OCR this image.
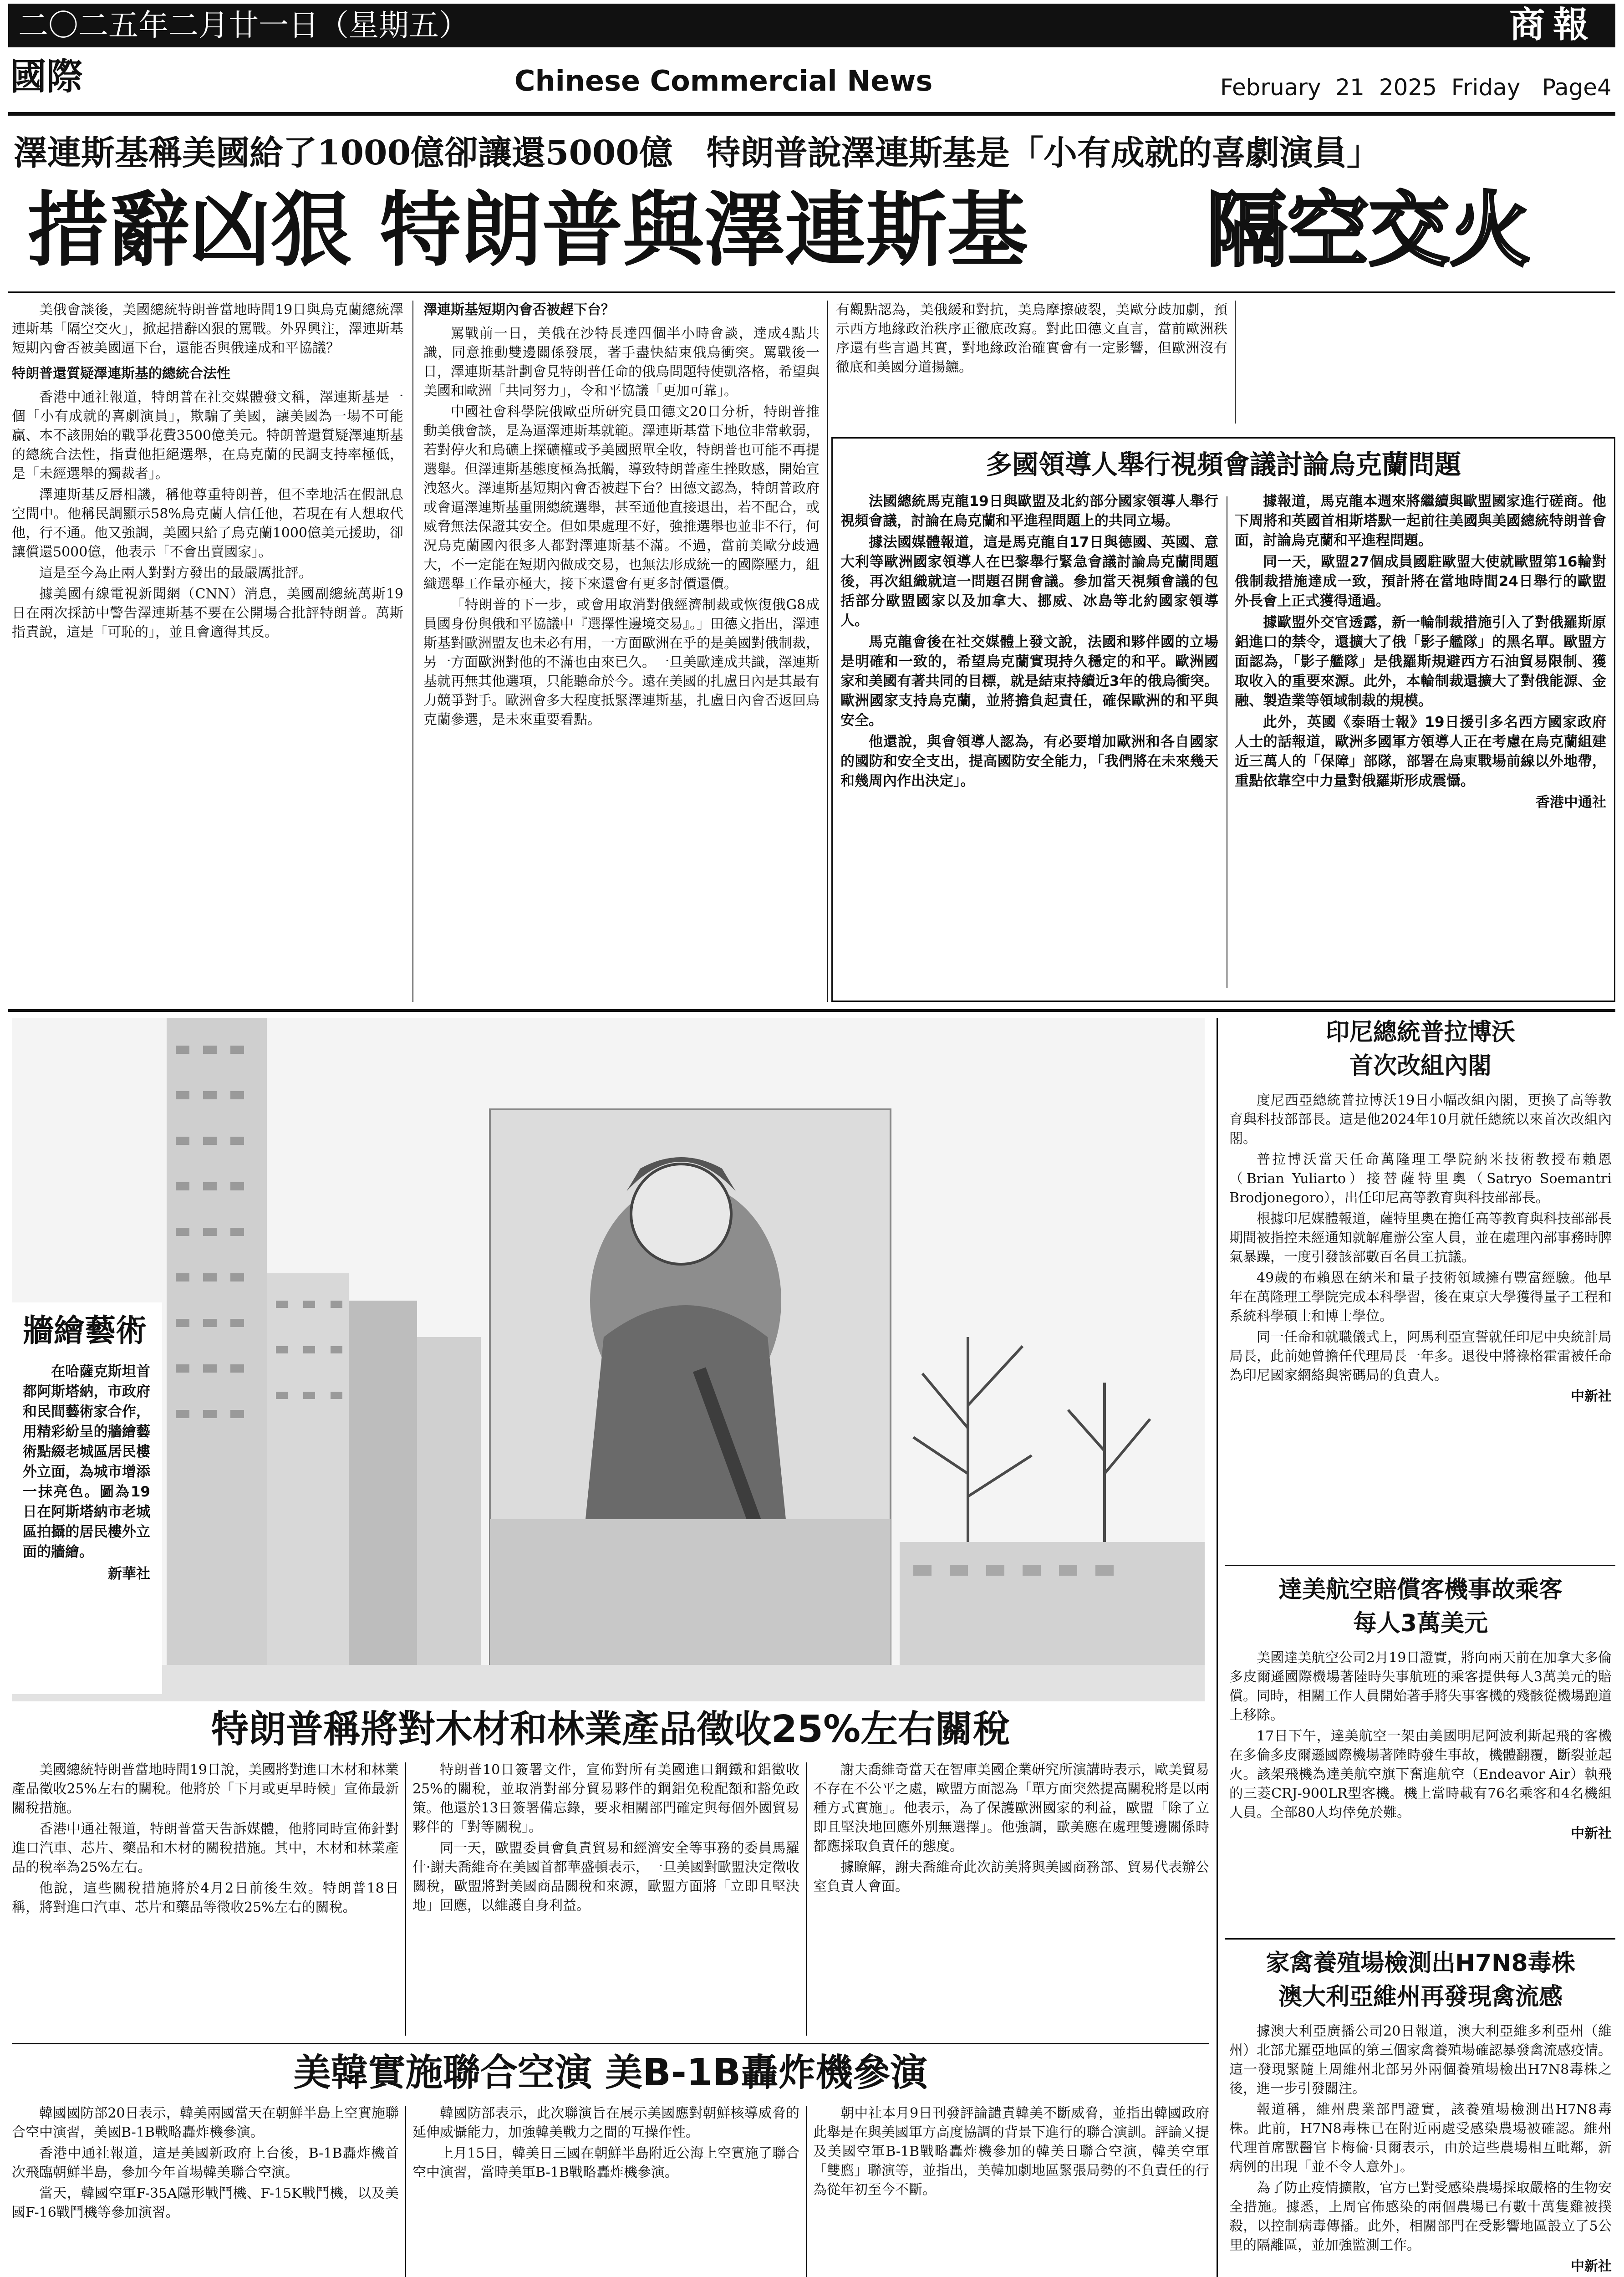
二〇二五年二月廿一日（星期五）	商報
國際	Chinese Commercial News	February  21  2025  Friday   Page4
澤連斯基稱美國給了1000億卻讓還5000億　特朗普說澤連斯基是「小有成就的喜劇演員」
措辭凶狠 特朗普與澤連斯基 隔空交火

美俄會談後，美國總統特朗普當地時間19日與烏克蘭總統澤連斯基「隔空交火」，掀起措辭凶狠的罵戰。外界興注，澤連斯基短期內會否被美國逼下台，還能否與俄達成和平協議？

特朗普還質疑澤連斯基的總統合法性

香港中通社報道，特朗普在社交媒體發文稱，澤連斯基是一個「小有成就的喜劇演員」，欺騙了美國，讓美國為一場不可能贏、本不該開始的戰爭花費3500億美元。特朗普還質疑澤連斯基的總統合法性，指責他拒絕選舉，在烏克蘭的民調支持率極低，是「未經選舉的獨裁者」。

澤連斯基反唇相譏，稱他尊重特朗普，但不幸地活在假訊息空間中。他稱民調顯示58%烏克蘭人信任他，若現在有人想取代他，行不通。他又強調，美國只給了烏克蘭1000億美元援助，卻讓償還5000億，他表示「不會出賣國家」。

這是至今為止兩人對對方發出的最嚴厲批評。

據美國有線電視新聞網（CNN）消息，美國副總統萬斯19日在兩次採訪中警告澤連斯基不要在公開場合批評特朗普。萬斯指責說，這是「可恥的」，並且會適得其反。

澤連斯基短期內會否被趕下台？

罵戰前一日，美俄在沙特長達四個半小時會談，達成4點共識，同意推動雙邊關係發展，著手盡快結束俄烏衝突。罵戰後一日，澤連斯基計劃會見特朗普任命的俄烏問題特使凱洛格，希望與美國和歐洲「共同努力」，令和平協議「更加可靠」。

中國社會科學院俄歐亞所研究員田德文20日分析，特朗普推動美俄會談，是為逼澤連斯基就範。澤連斯基當下地位非常軟弱，若對停火和烏礦上探礦權或予美國照單全收，特朗普也可能不再提選舉。但澤連斯基態度極為抵觸，導致特朗普產生挫敗感，開始宣洩怒火。澤連斯基短期內會否被趕下台？田德文認為，特朗普政府或會逼澤連斯基重開總統選舉，甚至通他直接退出，若不配合，或威脅無法保證其安全。但如果處理不好，強推選舉也並非不行，何況烏克蘭國內很多人都對澤連斯基不滿。不過，當前美歐分歧過大，不一定能在短期內做成交易，也無法形成統一的國際壓力，組織選舉工作量亦極大，接下來還會有更多討價還價。

「特朗普的下一步，或會用取消對俄經濟制裁或恢復俄G8成員國身份與俄和平協議中『選擇性邊境交易』。」田德文指出，澤連斯基對歐洲盟友也未必有用，一方面歐洲在乎的是美國對俄制裁，另一方面歐洲對他的不滿也由來已久。一旦美歐達成共識，澤連斯基就再無其他選項，只能聽命於今。遠在美國的扎盧日內是其最有力競爭對手。歐洲會多大程度抵緊澤連斯基，扎盧日內會否返回烏克蘭參選，是未來重要看點。

有觀點認為，美俄緩和對抗，美烏摩擦破裂，美歐分歧加劇，預示西方地緣政治秩序正徹底改寫。對此田德文直言，當前歐洲秩序還有些言過其實，對地緣政治確實會有一定影響，但歐洲沒有徹底和美國分道揚鑣。

多國領導人舉行視頻會議討論烏克蘭問題

法國總統馬克龍19日與歐盟及北約部分國家領導人舉行視頻會議，討論在烏克蘭和平進程問題上的共同立場。

據法國媒體報道，這是馬克龍自17日與德國、英國、意大利等歐洲國家領導人在巴黎舉行緊急會議討論烏克蘭問題後，再次組織就這一問題召開會議。參加當天視頻會議的包括部分歐盟國家以及加拿大、挪威、冰島等北約國家領導人。

馬克龍會後在社交媒體上發文說，法國和夥伴國的立場是明確和一致的，希望烏克蘭實現持久穩定的和平。歐洲國家和美國有著共同的目標，就是結束持續近3年的俄烏衝突。歐洲國家支持烏克蘭，並將擔負起責任，確保歐洲的和平與安全。

他還說，與會領導人認為，有必要增加歐洲和各自國家的國防和安全支出，提高國防安全能力，「我們將在未來幾天和幾周內作出決定」。

據報道，馬克龍本週來將繼續與歐盟國家進行磋商。他下周將和英國首相斯塔默一起前往美國與美國總統特朗普會面，討論烏克蘭和平進程問題。

同一天，歐盟27個成員國駐歐盟大使就歐盟第16輪對俄制裁措施達成一致，預計將在當地時間24日舉行的歐盟外長會上正式獲得通過。

據歐盟外交官透露，新一輪制裁措施引入了對俄羅斯原鋁進口的禁令，還擴大了俄「影子艦隊」的黑名單。歐盟方面認為，「影子艦隊」是俄羅斯規避西方石油貿易限制、獲取收入的重要來源。此外，本輪制裁還擴大了對俄能源、金融、製造業等領域制裁的規模。

此外，英國《泰晤士報》19日援引多名西方國家政府人士的話報道，歐洲多國軍方領導人正在考慮在烏克蘭組建近三萬人的「保障」部隊，部署在烏東戰場前線以外地帶，重點依靠空中力量對俄羅斯形成震懾。

香港中通社

牆繪藝術

在哈薩克斯坦首都阿斯塔納，市政府和民間藝術家合作，用精彩紛呈的牆繪藝術點綴老城區居民樓外立面，為城市增添一抹亮色。圖為19日在阿斯塔納市老城區拍攝的居民樓外立面的牆繪。

新華社

印尼總統普拉博沃
首次改組內閣

度尼西亞總統普拉博沃19日小幅改組內閣，更換了高等教育與科技部部長。這是他2024年10月就任總統以來首次改組內閣。

普拉博沃當天任命萬隆理工學院納米技術教授布賴恩（Brian Yuliarto）接替薩特里奧（Satryo Soemantri Brodjonegoro），出任印尼高等教育與科技部部長。

根據印尼媒體報道，薩特里奧在擔任高等教育與科技部部長期間被指控未經通知就解雇辦公室人員，並在處理內部事務時脾氣暴躁，一度引發該部數百名員工抗議。

49歲的布賴恩在納米和量子技術領域擁有豐富經驗。他早年在萬隆理工學院完成本科學習，後在東京大學獲得量子工程和系統科學碩士和博士學位。

同一任命和就職儀式上，阿馬利亞宣誓就任印尼中央統計局局長，此前她曾擔任代理局長一年多。退役中將祿格霍雷被任命為印尼國家網絡與密碼局的負責人。

中新社

達美航空賠償客機事故乘客
每人3萬美元

美國達美航空公司2月19日證實，將向兩天前在加拿大多倫多皮爾遜國際機場著陸時失事航班的乘客提供每人3萬美元的賠償。同時，相關工作人員開始著手將失事客機的殘骸從機場跑道上移除。

17日下午，達美航空一架由美國明尼阿波利斯起飛的客機在多倫多皮爾遜國際機場著陸時發生事故，機體翻覆，斷裂並起火。該架飛機為達美航空旗下奮進航空（Endeavor Air）執飛的三菱CRJ-900LR型客機。機上當時載有76名乘客和4名機組人員。全部80人均倖免於難。

中新社

家禽養殖場檢測出H7N8毒株
澳大利亞維州再發現禽流感

據澳大利亞廣播公司20日報道，澳大利亞維多利亞州（維州）北部尤羅亞地區的第三個家禽養殖場確認暴發禽流感疫情。這一發現緊隨上周維州北部另外兩個養殖場檢出H7N8毒株之後，進一步引發關注。

報道稱，維州農業部門證實，該養殖場檢測出H7N8毒株。此前，H7N8毒株已在附近兩處受感染農場被確認。維州代理首席獸醫官卡梅倫·貝爾表示，由於這些農場相互毗鄰，新病例的出現「並不令人意外」。

為了防止疫情擴散，官方已對受感染農場採取嚴格的生物安全措施。據悉，上周官佈感染的兩個農場已有數十萬隻雞被撲殺，以控制病毒傳播。此外，相關部門在受影響地區設立了5公里的隔離區，並加強監測工作。

中新社

特朗普稱將對木材和林業產品徵收25%左右關稅

美國總統特朗普當地時間19日說，美國將對進口木材和林業產品徵收25%左右的關稅。他將於「下月或更早時候」宣佈最新關稅措施。

香港中通社報道，特朗普當天告訴媒體，他將同時宣佈針對進口汽車、芯片、藥品和木材的關稅措施。其中，木材和林業產品的稅率為25%左右。

他說，這些關稅措施將於4月2日前後生效。特朗普18日稱，將對進口汽車、芯片和藥品等徵收25%左右的關稅。

特朗普10日簽署文件，宣佈對所有美國進口鋼鐵和鋁徵收25%的關稅，並取消對部分貿易夥伴的鋼鋁免稅配額和豁免政策。他還於13日簽署備忘錄，要求相關部門確定與每個外國貿易夥伴的「對等關稅」。

同一天，歐盟委員會負責貿易和經濟安全等事務的委員馬羅什·謝夫喬維奇在美國首都華盛頓表示，一旦美國對歐盟決定徵收關稅，歐盟將對美國商品關稅和來源，歐盟方面將「立即且堅決地」回應，以維護自身利益。

謝夫喬維奇當天在智庫美國企業研究所演講時表示，歐美貿易不存在不公平之處，歐盟方面認為「單方面突然提高關稅將是以兩種方式實施」。他表示，為了保護歐洲國家的利益，歐盟「除了立即且堅決地回應外別無選擇」。他強調，歐美應在處理雙邊關係時都應採取負責任的態度。

據瞭解，謝夫喬維奇此次訪美將與美國商務部、貿易代表辦公室負責人會面。

美韓實施聯合空演 美B-1B轟炸機參演

韓國國防部20日表示，韓美兩國當天在朝鮮半島上空實施聯合空中演習，美國B-1B戰略轟炸機參演。

香港中通社報道，這是美國新政府上台後，B-1B轟炸機首次飛臨朝鮮半島，參加今年首場韓美聯合空演。

當天，韓國空軍F-35A隱形戰鬥機、F-15K戰鬥機，以及美國F-16戰鬥機等參加演習。

韓國防部表示，此次聯演旨在展示美國應對朝鮮核導威脅的延伸威懾能力，加強韓美戰力之間的互操作性。

上月15日，韓美日三國在朝鮮半島附近公海上空實施了聯合空中演習，當時美軍B-1B戰略轟炸機參演。

朝中社本月9日刊發評論譴責韓美不斷威脅，並指出韓國政府此舉是在與美國軍方高度協調的背景下進行的聯合演訓。評論又提及美國空軍B-1B戰略轟炸機參加的韓美日聯合空演，韓美空軍「雙鷹」聯演等，並指出，美韓加劇地區緊張局勢的不負責任的行為從年初至今不斷。
